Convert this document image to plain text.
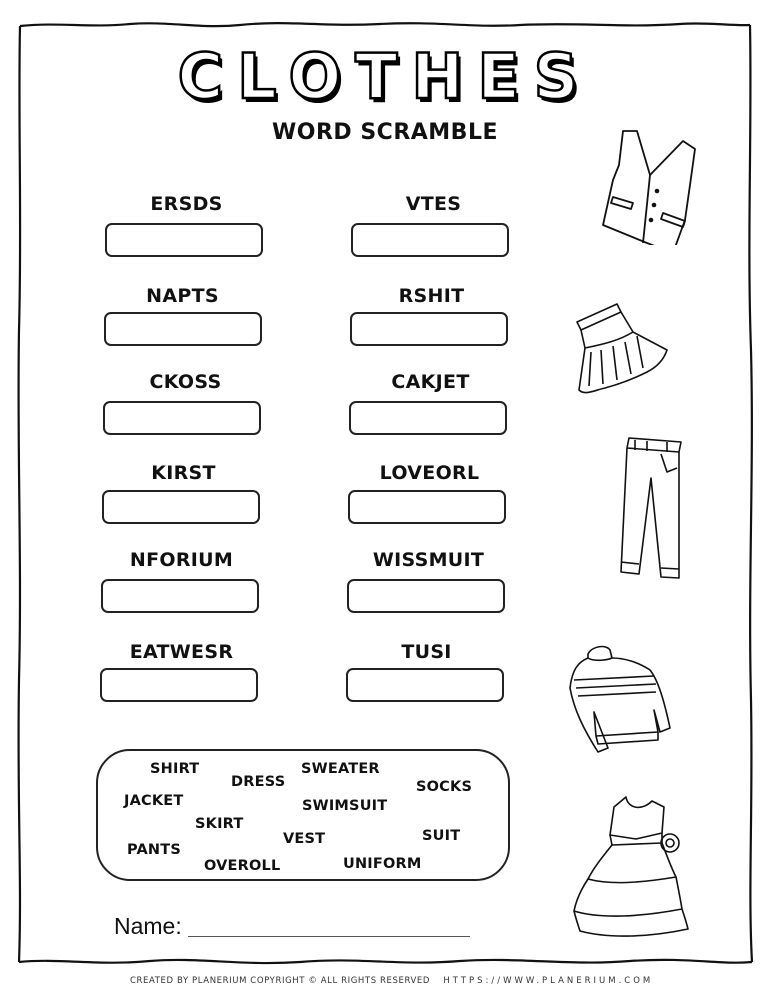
CLOTHES
WORD SCRAMBLE
ERSDS
NAPTS
CKOSS
KIRST
NFORIUM
EATWESR
VTES
RSHIT
CAKJET
LOVEORL
WISSMUIT
TUSI
SHIRT
DRESS
SWEATER
SOCKS
JACKET	SWIMSUIT
SKIRT
VEST	SUIT
PANTS
OVEROLL	UNIFORM
Name:
CREATED BY PLANERIUM COPYRIGHT © ALL RIGHTS RESERVED HTTPS://WWW.PLANERIUM.COM
